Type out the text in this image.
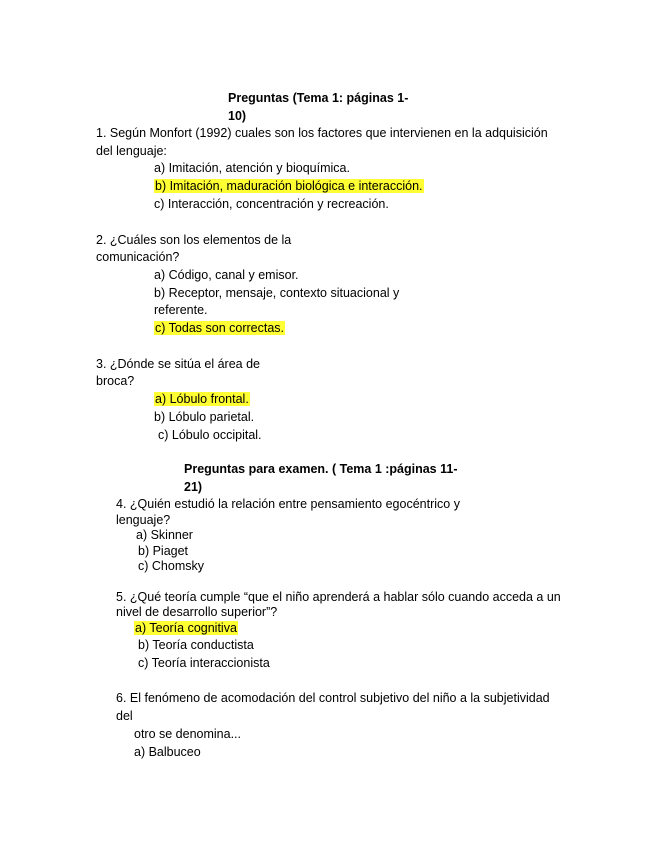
Preguntas (Tema 1: páginas 1-
10)
1. Según Monfort (1992) cuales son los factores que intervienen en la adquisición
del lenguaje:
a) Imitación, atención y bioquímica.
b) Imitación, maduración biológica e interacción.
c) Interacción, concentración y recreación.
2. ¿Cuáles son los elementos de la
comunicación?
a) Código, canal y emisor.
b) Receptor, mensaje, contexto situacional y
referente.
c) Todas son correctas.
3. ¿Dónde se sitúa el área de
broca?
a) Lóbulo frontal.
b) Lóbulo parietal.
c) Lóbulo occipital.
Preguntas para examen. ( Tema 1 :páginas 11-
21)
4. ¿Quién estudió la relación entre pensamiento egocéntrico y
lenguaje?
a) Skinner
b) Piaget
c) Chomsky
5. ¿Qué teoría cumple “que el niño aprenderá a hablar sólo cuando acceda a un
nivel de desarrollo superior”?
a) Teoría cognitiva
b) Teoría conductista
c) Teoría interaccionista
6. El fenómeno de acomodación del control subjetivo del niño a la subjetividad
del
otro se denomina...
a) Balbuceo
